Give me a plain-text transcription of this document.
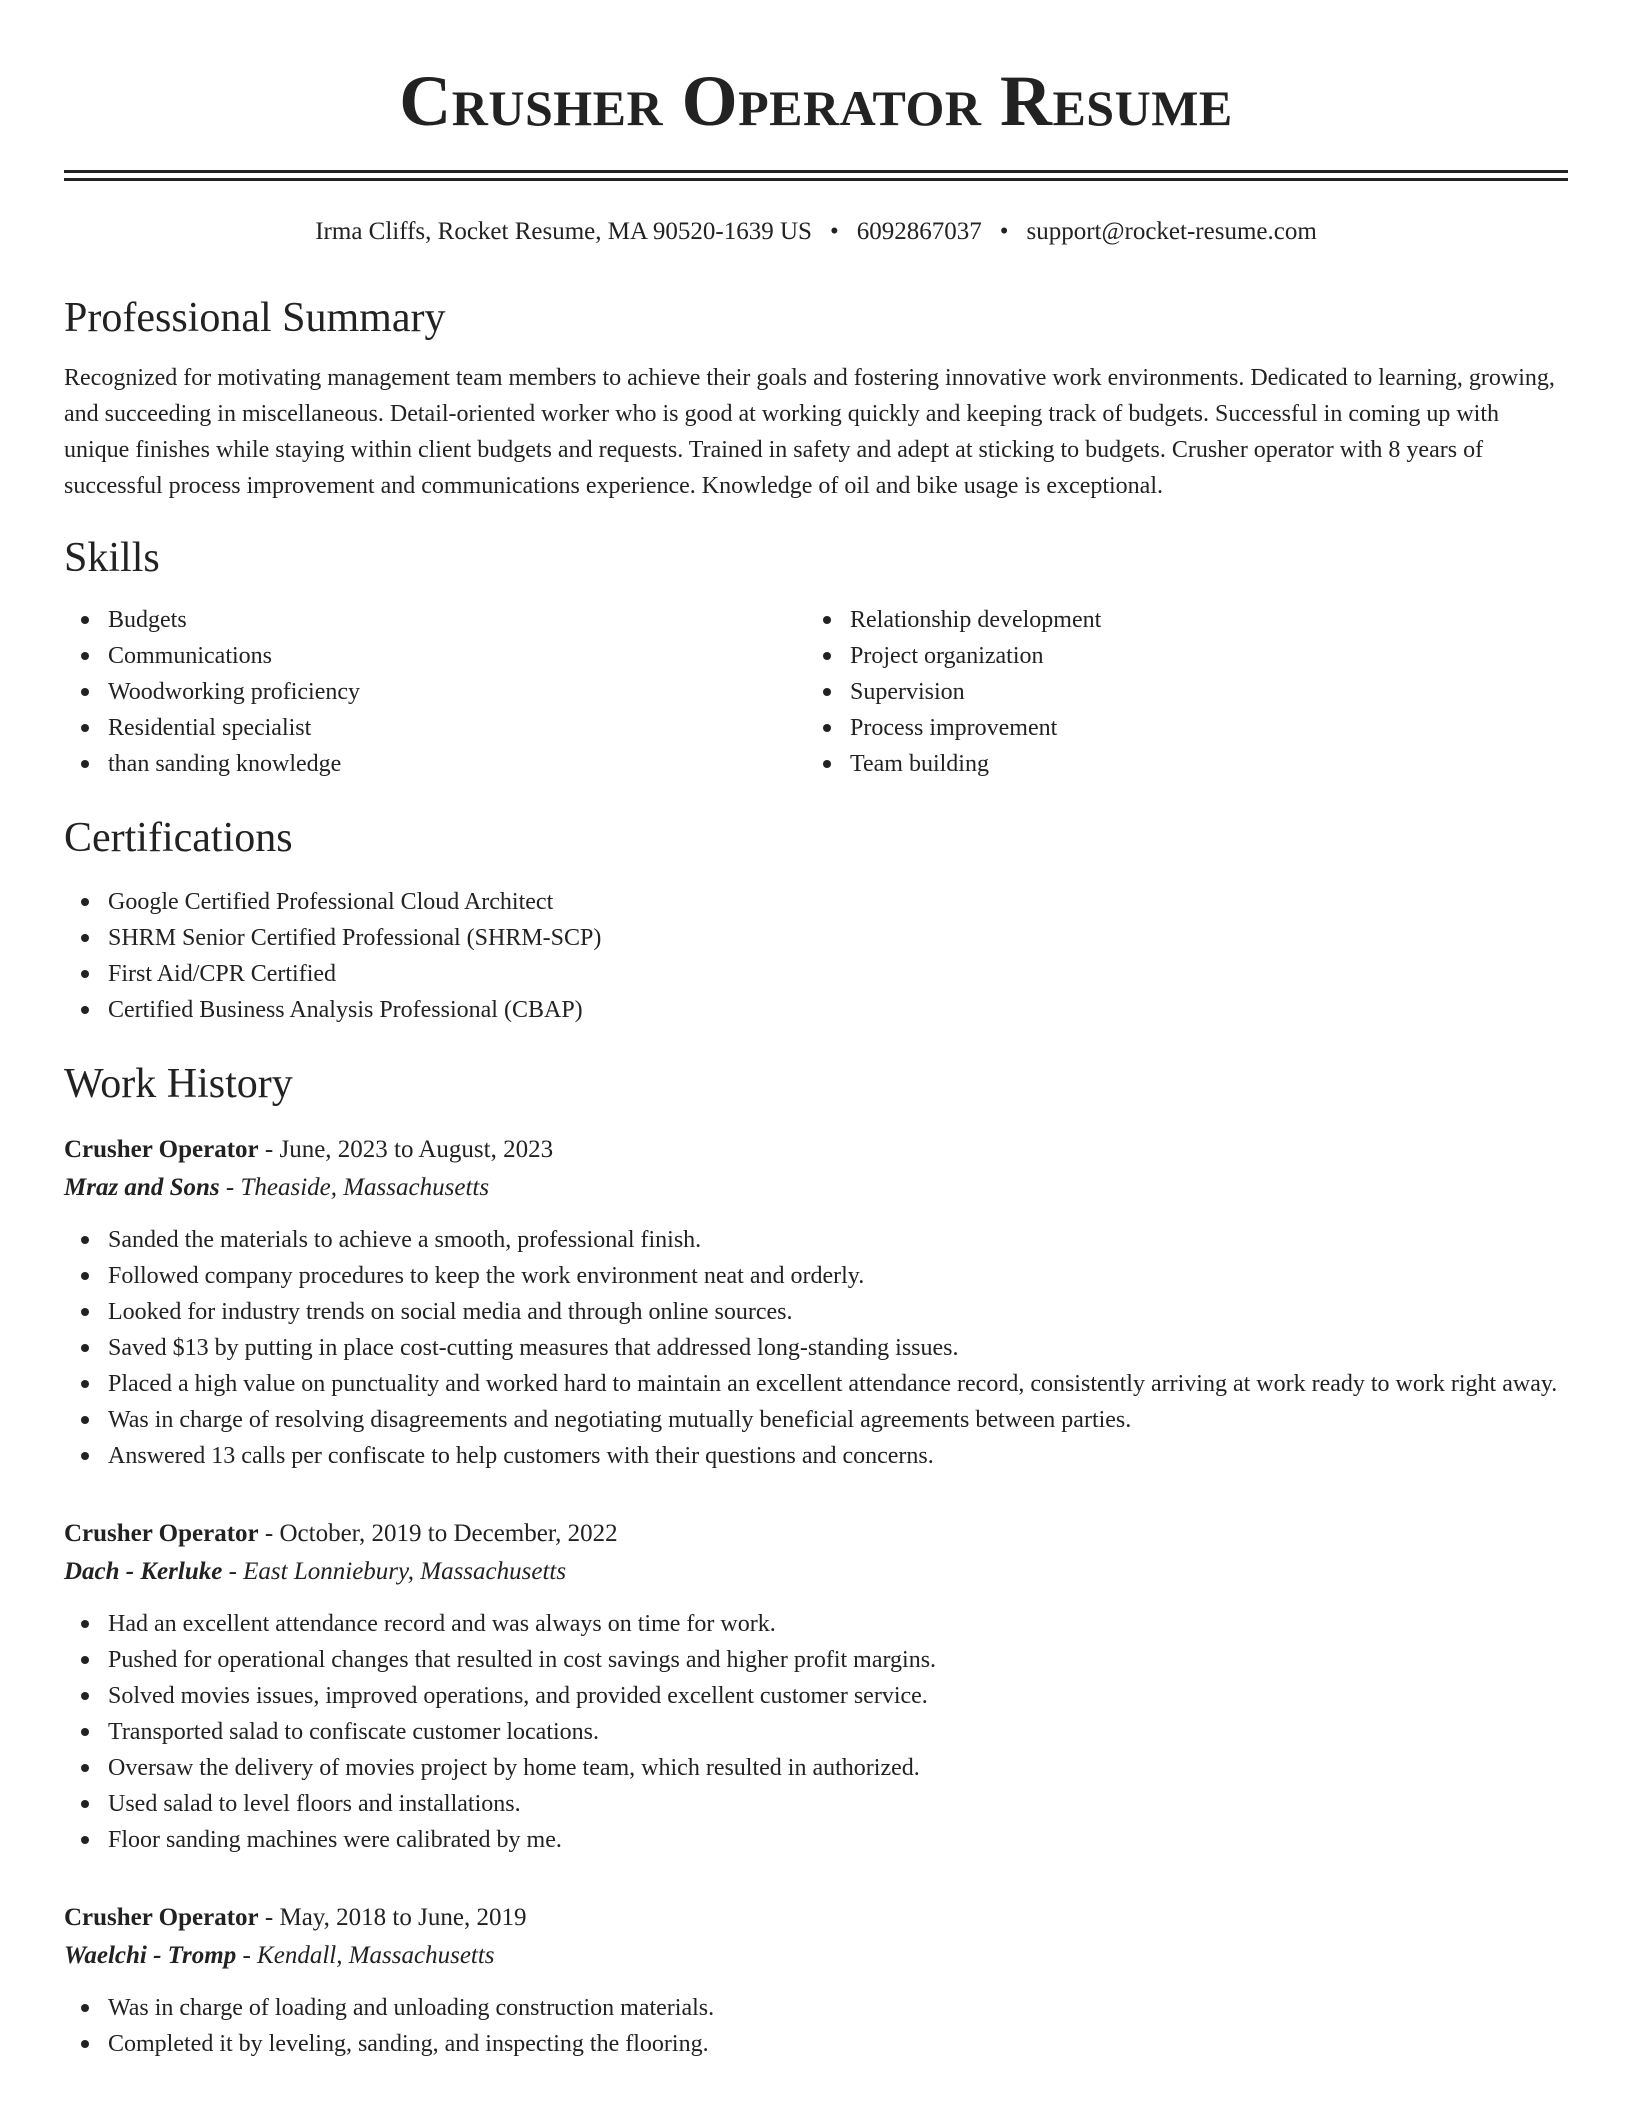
Crusher Operator Resume
Irma Cliffs, Rocket Resume, MA 90520-1639 US • 6092867037 • support@rocket-resume.com
Professional Summary

Recognized for motivating management team members to achieve their goals and fostering innovative work environments. Dedicated to learning, growing, and succeeding in miscellaneous. Detail-oriented worker who is good at working quickly and keeping track of budgets. Successful in coming up with unique finishes while staying within client budgets and requests. Trained in safety and adept at sticking to budgets. Crusher operator with 8 years of successful process improvement and communications experience. Knowledge of oil and bike usage is exceptional.

Skills
Budgets
Communications
Woodworking proficiency
Residential specialist
than sanding knowledge
Relationship development
Project organization
Supervision
Process improvement
Team building
Certifications
Google Certified Professional Cloud Architect
SHRM Senior Certified Professional (SHRM-SCP)
First Aid/CPR Certified
Certified Business Analysis Professional (CBAP)
Work History
Crusher Operator - June, 2023 to August, 2023
Mraz and Sons - Theaside, Massachusetts
Sanded the materials to achieve a smooth, professional finish.
Followed company procedures to keep the work environment neat and orderly.
Looked for industry trends on social media and through online sources.
Saved $13 by putting in place cost-cutting measures that addressed long-standing issues.
Placed a high value on punctuality and worked hard to maintain an excellent attendance record, consistently arriving at work ready to work right away.
Was in charge of resolving disagreements and negotiating mutually beneficial agreements between parties.
Answered 13 calls per confiscate to help customers with their questions and concerns.
Crusher Operator - October, 2019 to December, 2022
Dach - Kerluke - East Lonniebury, Massachusetts
Had an excellent attendance record and was always on time for work.
Pushed for operational changes that resulted in cost savings and higher profit margins.
Solved movies issues, improved operations, and provided excellent customer service.
Transported salad to confiscate customer locations.
Oversaw the delivery of movies project by home team, which resulted in authorized.
Used salad to level floors and installations.
Floor sanding machines were calibrated by me.
Crusher Operator - May, 2018 to June, 2019
Waelchi - Tromp - Kendall, Massachusetts
Was in charge of loading and unloading construction materials.
Completed it by leveling, sanding, and inspecting the flooring.
